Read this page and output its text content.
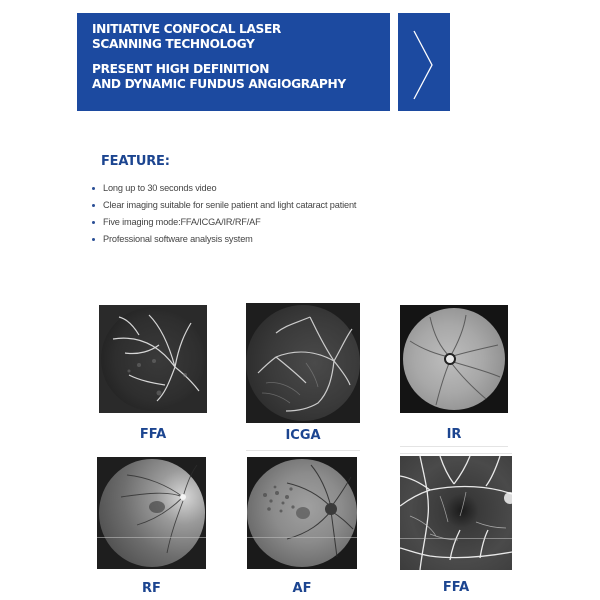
INITIATIVE CONFOCAL LASER
SCANNING TECHNOLOGY
PRESENT HIGH DEFINITION
AND DYNAMIC FUNDUS ANGIOGRAPHY
FEATURE:
Long up to 30 seconds video
Clear imaging suitable for senile patient and light cataract patient
Five imaging mode:FFA/ICGA/IR/RF/AF
Professional software analysis system
FFA	ICGA	IR
RF	AF	FFA
